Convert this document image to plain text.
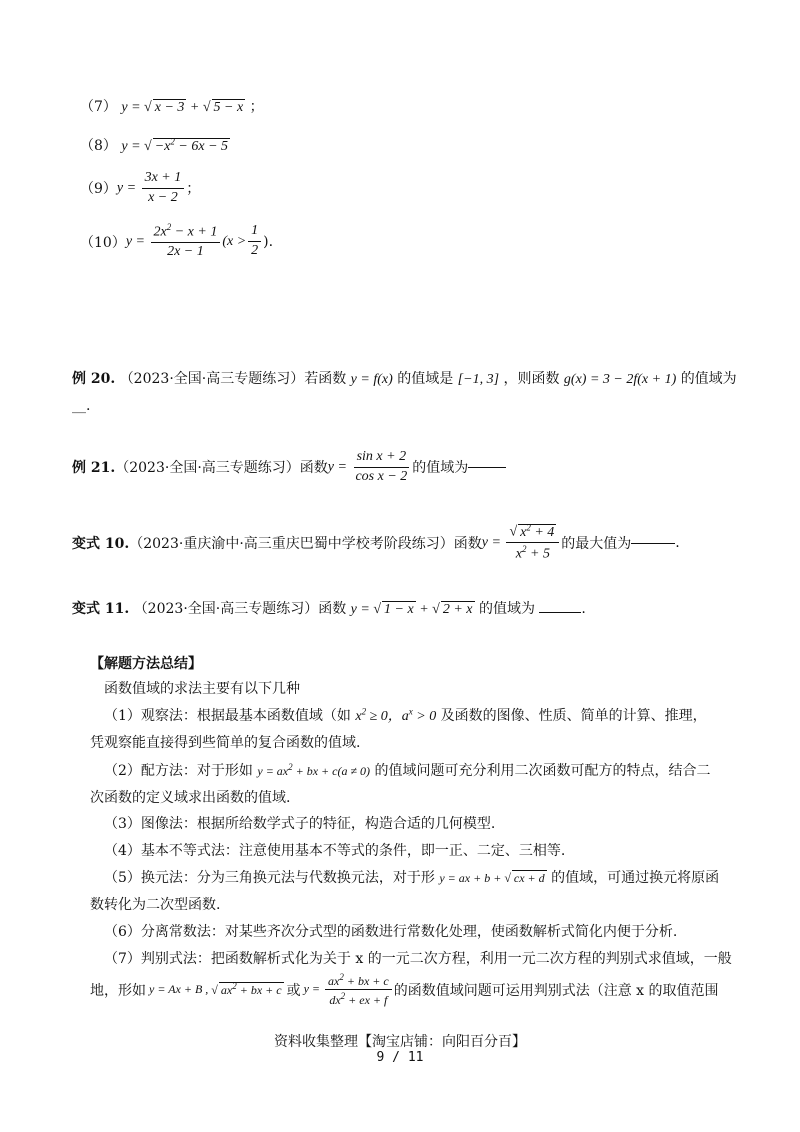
（7） y = √ x − 3 + √ 5 − x ；
（8） y = √ $-x^2 - 6x - 5$
（9） $y = \frac{3x + 1}{x - 2}$ ；
（10） $y = \frac{2x^2 - x + 1}{2x - 1} (x > \frac{1}{2}$ ).
例 20. （2023·全国·高三专题练习）若函数 y = f(x) 的值域是 [−1, 3] ，则函数 g(x) = 3 − 2f(x + 1) 的值域为
__.
例 21. （2023·全国·高三专题练习）函数 $y = \frac{\text{sin x + 2}}{\text{cos x − 2}}$ 的值域为
变式 10. （2023·重庆渝中·高三重庆巴蜀中学校考阶段练习）函数 $y = \frac{√ x^2 + 4}{x^2 + 5}$ 的最大值为	.
变式 11. （2023·全国·高三专题练习）函数 y = √ 1 − x + √ 2 + x 的值域为	.
【解题方法总结】
函数值域的求法主要有以下几种
（1）观察法：根据最基本函数值域（如 $x^2 \ge 0$，$a^x > 0$ 及函数的图像、性质、简单的计算、推理，
凭观察能直接得到些简单的复合函数的值域.
（2）配方法：对于形如 $y = ax^2$ + bx + c(a ≠ 0) 的值域问题可充分利用二次函数可配方的特点，结合二
次函数的定义域求出函数的值域.
（3）图像法：根据所给数学式子的特征，构造合适的几何模型.
（4）基本不等式法：注意使用基本不等式的条件，即一正、二定、三相等.
（5）换元法：分为三角换元法与代数换元法，对于形 y = ax + b + √ cx + d 的值域，可通过换元将原函
数转化为二次型函数.
（6）分离常数法：对某些齐次分式型的函数进行常数化处理，使函数解析式简化内便于分析.
（7）判别式法：把函数解析式化为关于 x 的一元二次方程，利用一元二次方程的判别式求值域，一般
地，形如 y = Ax + B , √ $ax^2$ + bx + c 或 $y = \frac{ax^2 + bx + c}{dx^2 + ex + f}$ 的函数值域问题可运用判别式法（注意 x 的取值范围
资料收集整理【淘宝店铺：向阳百分百】
9 / 11
